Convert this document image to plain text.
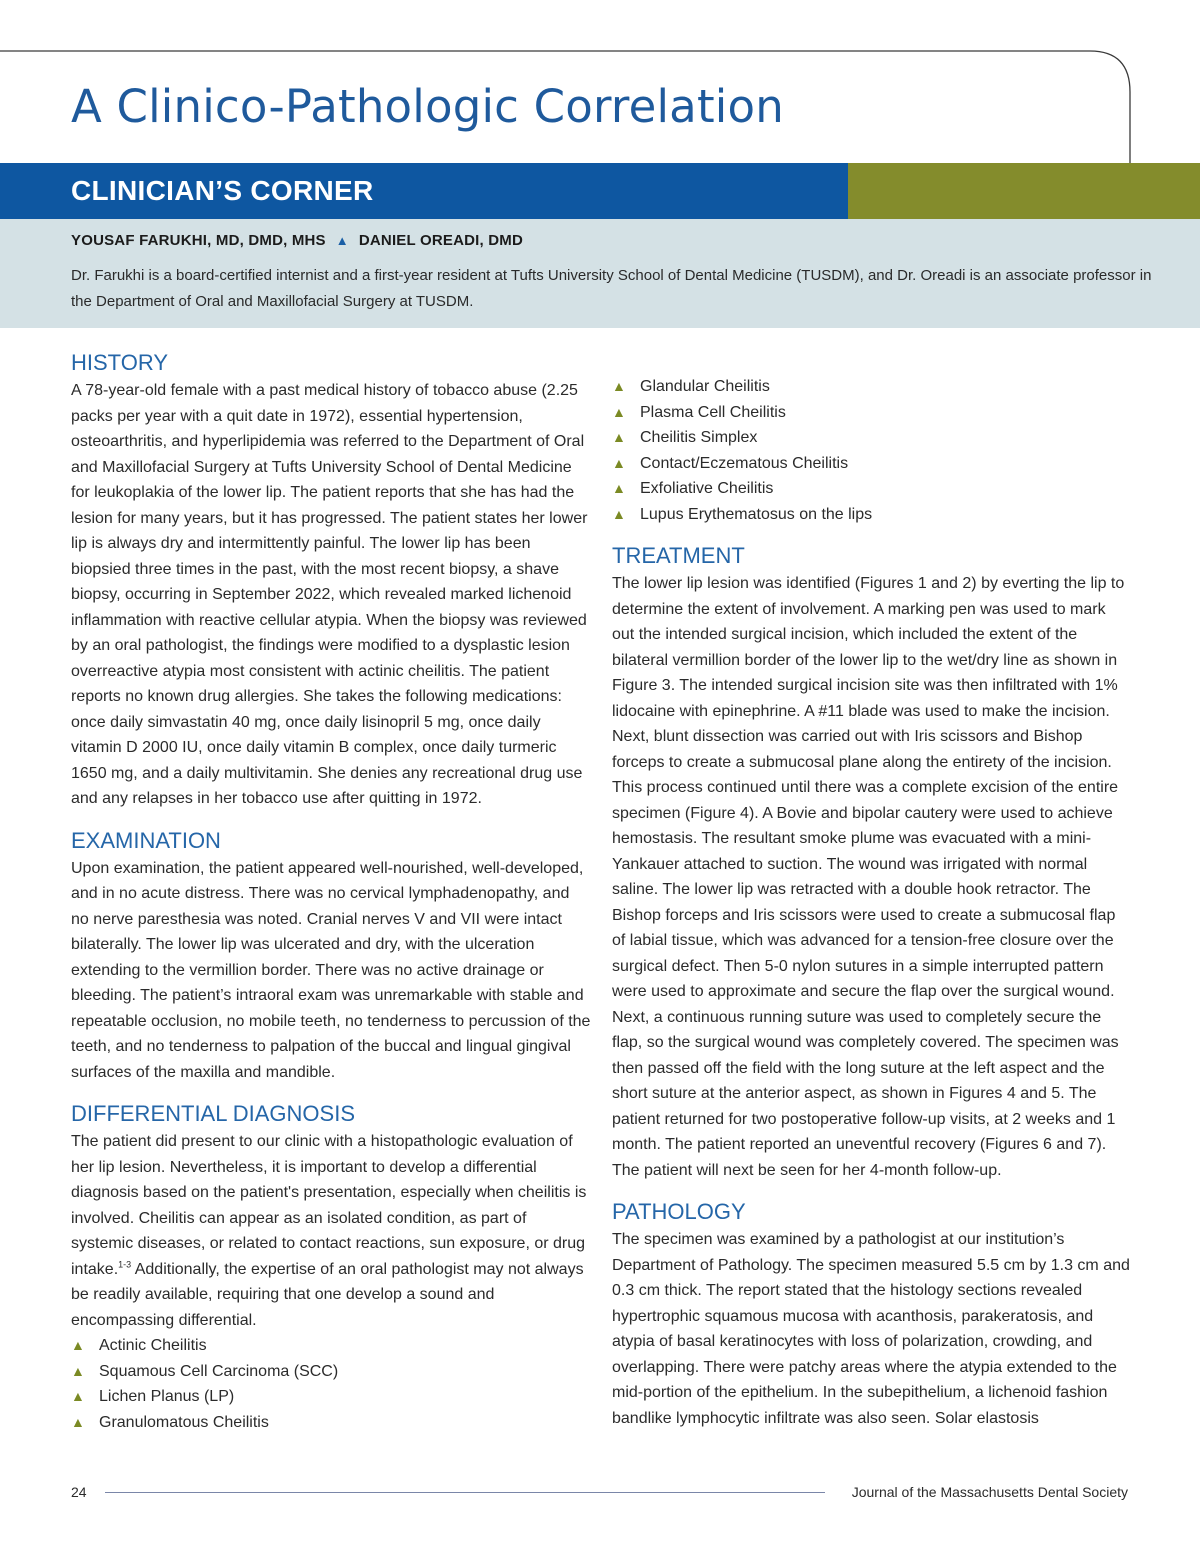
A Clinico-Pathologic Correlation
CLINICIAN’S CORNER
YOUSAF FARUKHI, MD, DMD, MHS ▲ DANIEL OREADI, DMD

Dr. Farukhi is a board-certified internist and a first-year resident at Tufts University School of Dental Medicine (TUSDM), and Dr. Oreadi is an associate professor in the Department of Oral and Maxillofacial Surgery at TUSDM.

HISTORY

A 78-year-old female with a past medical history of tobacco abuse (2.25 packs per year with a quit date in 1972), essential hypertension, osteoarthritis, and hyperlipidemia was referred to the Department of Oral and Maxillofacial Surgery at Tufts University School of Dental Medicine for leukoplakia of the lower lip. The patient reports that she has had the lesion for many years, but it has progressed. The patient states her lower lip is always dry and intermittently painful. The lower lip has been biopsied three times in the past, with the most recent biopsy, a shave biopsy, occurring in September 2022, which revealed marked lichenoid inflammation with reactive cellular atypia. When the biopsy was reviewed by an oral pathologist, the findings were modified to a dysplastic lesion overreactive atypia most consistent with actinic cheilitis. The patient reports no known drug allergies. She takes the following medications: once daily simvastatin 40 mg, once daily lisinopril 5 mg, once daily vitamin D 2000 IU, once daily vitamin B complex, once daily turmeric 1650 mg, and a daily multivitamin. She denies any recreational drug use and any relapses in her tobacco use after quitting in 1972.

EXAMINATION

Upon examination, the patient appeared well-nourished, well-developed, and in no acute distress. There was no cervical lymphadenopathy, and no nerve paresthesia was noted. Cranial nerves V and VII were intact bilaterally. The lower lip was ulcerated and dry, with the ulceration extending to the vermillion border. There was no active drainage or bleeding. The patient’s intraoral exam was unremarkable with stable and repeatable occlusion, no mobile teeth, no tenderness to percussion of the teeth, and no tenderness to palpation of the buccal and lingual gingival surfaces of the maxilla and mandible.

DIFFERENTIAL DIAGNOSIS

The patient did present to our clinic with a histopathologic evaluation of her lip lesion. Nevertheless, it is important to develop a differential diagnosis based on the patient's presentation, especially when cheilitis is involved. Cheilitis can appear as an isolated condition, as part of systemic diseases, or related to contact reactions, sun exposure, or drug intake.$^{1-3}$ Additionally, the expertise of an oral pathologist may not always be readily available, requiring that one develop a sound and encompassing differential.

▲ Actinic Cheilitis
▲ Squamous Cell Carcinoma (SCC)
▲ Lichen Planus (LP)
▲ Granulomatous Cheilitis
▲ Glandular Cheilitis
▲ Plasma Cell Cheilitis
▲ Cheilitis Simplex
▲ Contact/Eczematous Cheilitis
▲ Exfoliative Cheilitis
▲ Lupus Erythematosus on the lips
TREATMENT

The lower lip lesion was identified (Figures 1 and 2) by everting the lip to determine the extent of involvement. A marking pen was used to mark out the intended surgical incision, which included the extent of the bilateral vermillion border of the lower lip to the wet/dry line as shown in Figure 3. The intended surgical incision site was then infiltrated with 1% lidocaine with epinephrine. A #11 blade was used to make the incision. Next, blunt dissection was carried out with Iris scissors and Bishop forceps to create a submucosal plane along the entirety of the incision. This process continued until there was a complete excision of the entire specimen (Figure 4). A Bovie and bipolar cautery were used to achieve hemostasis. The resultant smoke plume was evacuated with a mini-Yankauer attached to suction. The wound was irrigated with normal saline. The lower lip was retracted with a double hook retractor. The Bishop forceps and Iris scissors were used to create a submucosal flap of labial tissue, which was advanced for a tension-free closure over the surgical defect. Then 5-0 nylon sutures in a simple interrupted pattern were used to approximate and secure the flap over the surgical wound. Next, a continuous running suture was used to completely secure the flap, so the surgical wound was completely covered. The specimen was then passed off the field with the long suture at the left aspect and the short suture at the anterior aspect, as shown in Figures 4 and 5. The patient returned for two postoperative follow-up visits, at 2 weeks and 1 month. The patient reported an uneventful recovery (Figures 6 and 7). The patient will next be seen for her 4-month follow-up.

PATHOLOGY

The specimen was examined by a pathologist at our institution’s Department of Pathology. The specimen measured 5.5 cm by 1.3 cm and 0.3 cm thick. The report stated that the histology sections revealed hypertrophic squamous mucosa with acanthosis, parakeratosis, and atypia of basal keratinocytes with loss of polarization, crowding, and overlapping. There were patchy areas where the atypia extended to the mid-portion of the epithelium. In the subepithelium, a lichenoid fashion bandlike lymphocytic infiltrate was also seen. Solar elastosis

24	Journal of the Massachusetts Dental Society
